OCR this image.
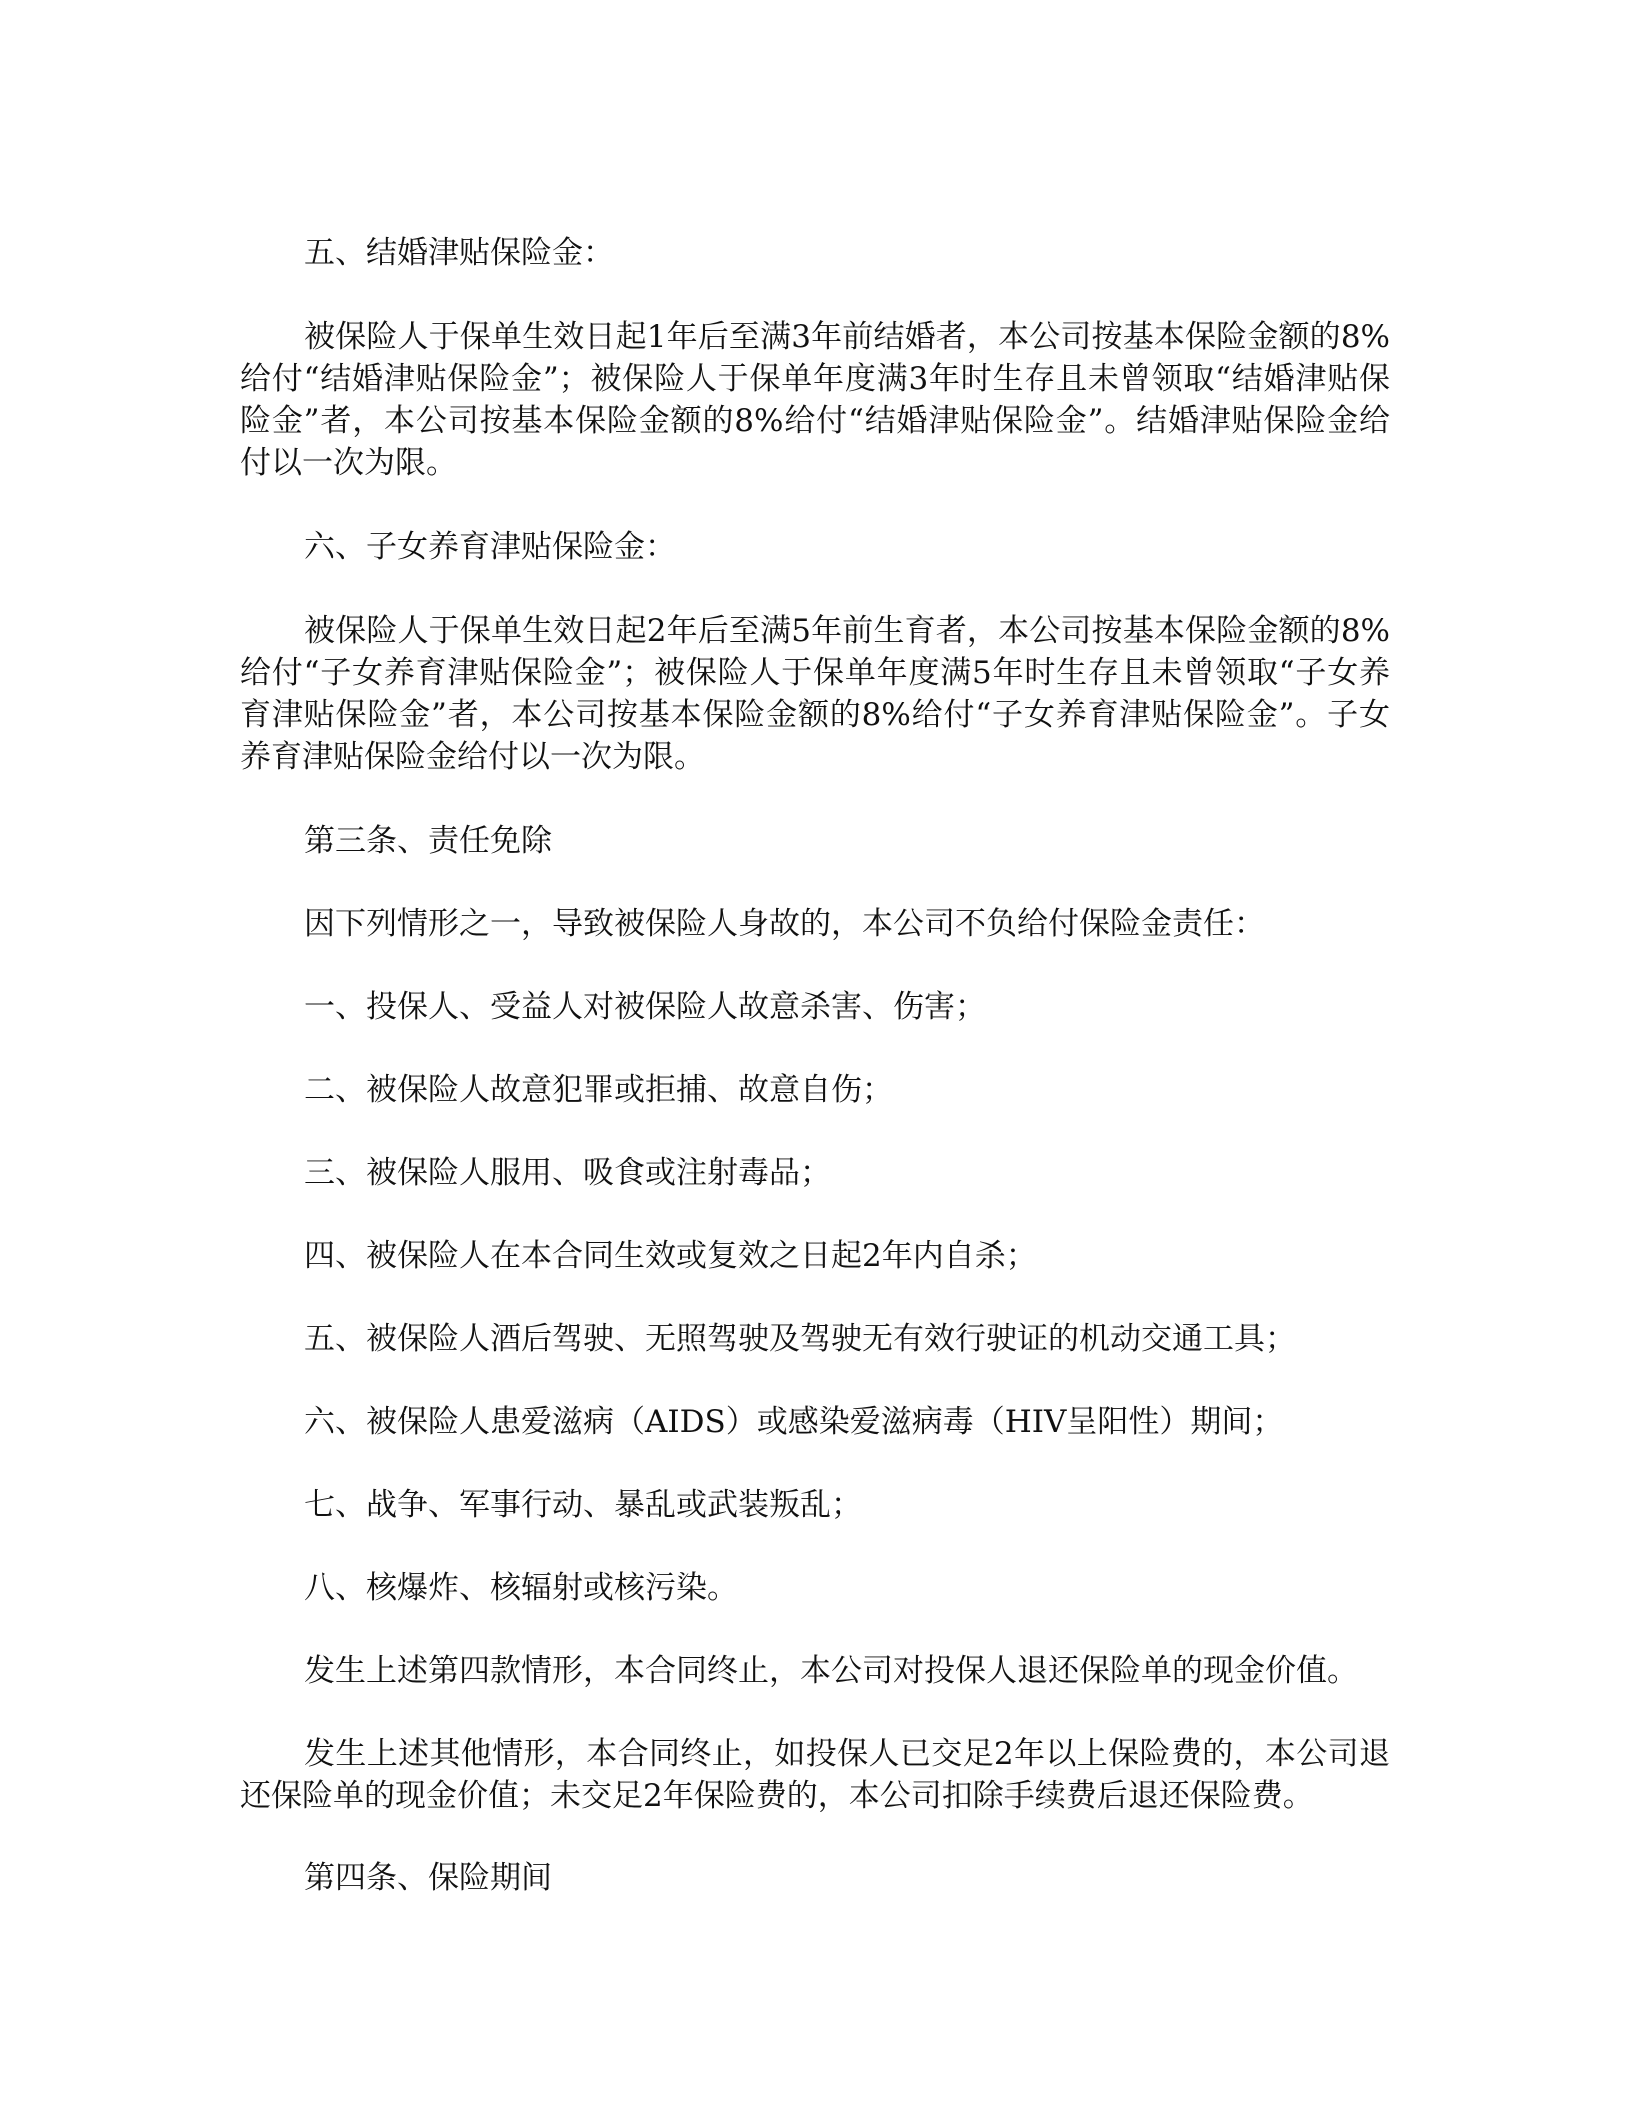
五、结婚津贴保险金：

被保险人于保单生效日起1年后至满3年前结婚者，本公司按基本保险金额的8%给付“结婚津贴保险金”；被保险人于保单年度满3年时生存且未曾领取“结婚津贴保险金”者，本公司按基本保险金额的8%给付“结婚津贴保险金”。结婚津贴保险金给付以一次为限。

六、子女养育津贴保险金：

被保险人于保单生效日起2年后至满5年前生育者，本公司按基本保险金额的8%给付“子女养育津贴保险金”；被保险人于保单年度满5年时生存且未曾领取“子女养育津贴保险金”者，本公司按基本保险金额的8%给付“子女养育津贴保险金”。子女养育津贴保险金给付以一次为限。

第三条、责任免除

因下列情形之一，导致被保险人身故的，本公司不负给付保险金责任：

一、投保人、受益人对被保险人故意杀害、伤害；

二、被保险人故意犯罪或拒捕、故意自伤；

三、被保险人服用、吸食或注射毒品；

四、被保险人在本合同生效或复效之日起2年内自杀；

五、被保险人酒后驾驶、无照驾驶及驾驶无有效行驶证的机动交通工具；

六、被保险人患爱滋病（AIDS）或感染爱滋病毒（HIV呈阳性）期间；

七、战争、军事行动、暴乱或武装叛乱；

八、核爆炸、核辐射或核污染。

发生上述第四款情形，本合同终止，本公司对投保人退还保险单的现金价值。

发生上述其他情形，本合同终止，如投保人已交足2年以上保险费的，本公司退还保险单的现金价值；未交足2年保险费的，本公司扣除手续费后退还保险费。

第四条、保险期间
